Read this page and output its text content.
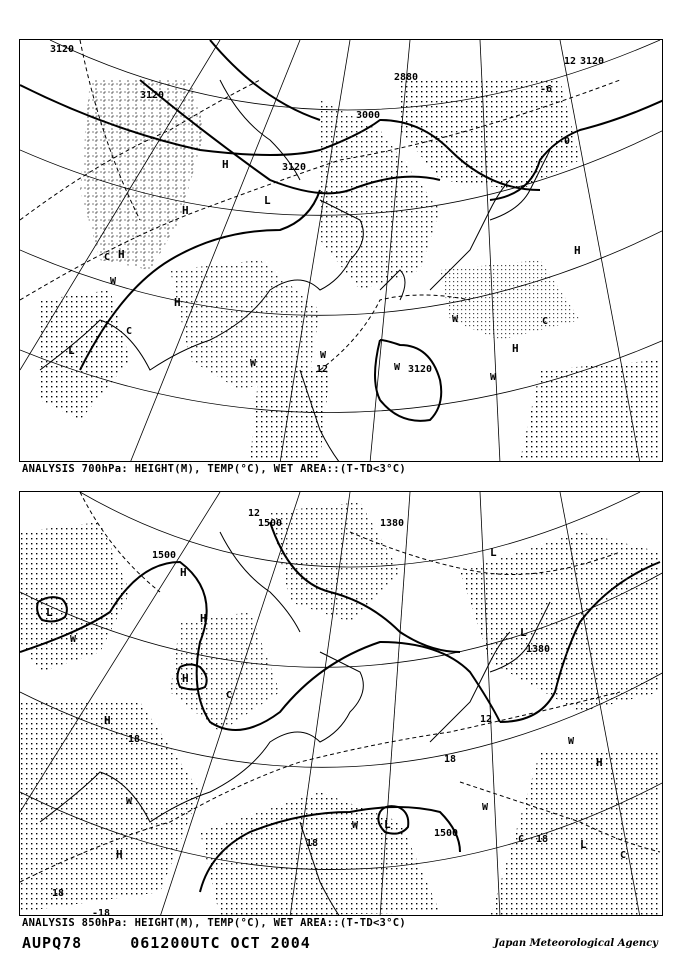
3120
3120
3000
2880
3120
3120
3120
0
12
-6
12
H
H
H
H
H
H
L
L
W
W
W
W
W
W
C
C
C
ANALYSIS 700hPa: HEIGHT(M), TEMP(°C), WET AREA::(T-TD<3°C)
1500
1500	1380
1380
1500
18
18
12
18
18
12
18
-18
H
H
H
H
H
H
L
L
L
L
L
W
W
W
W
W
C
C
C
ANALYSIS 850hPa: HEIGHT(M), TEMP(°C), WET AREA::(T-TD<3°C)
AUPQ78	061200UTC OCT 2004	Japan Meteorological Agency
